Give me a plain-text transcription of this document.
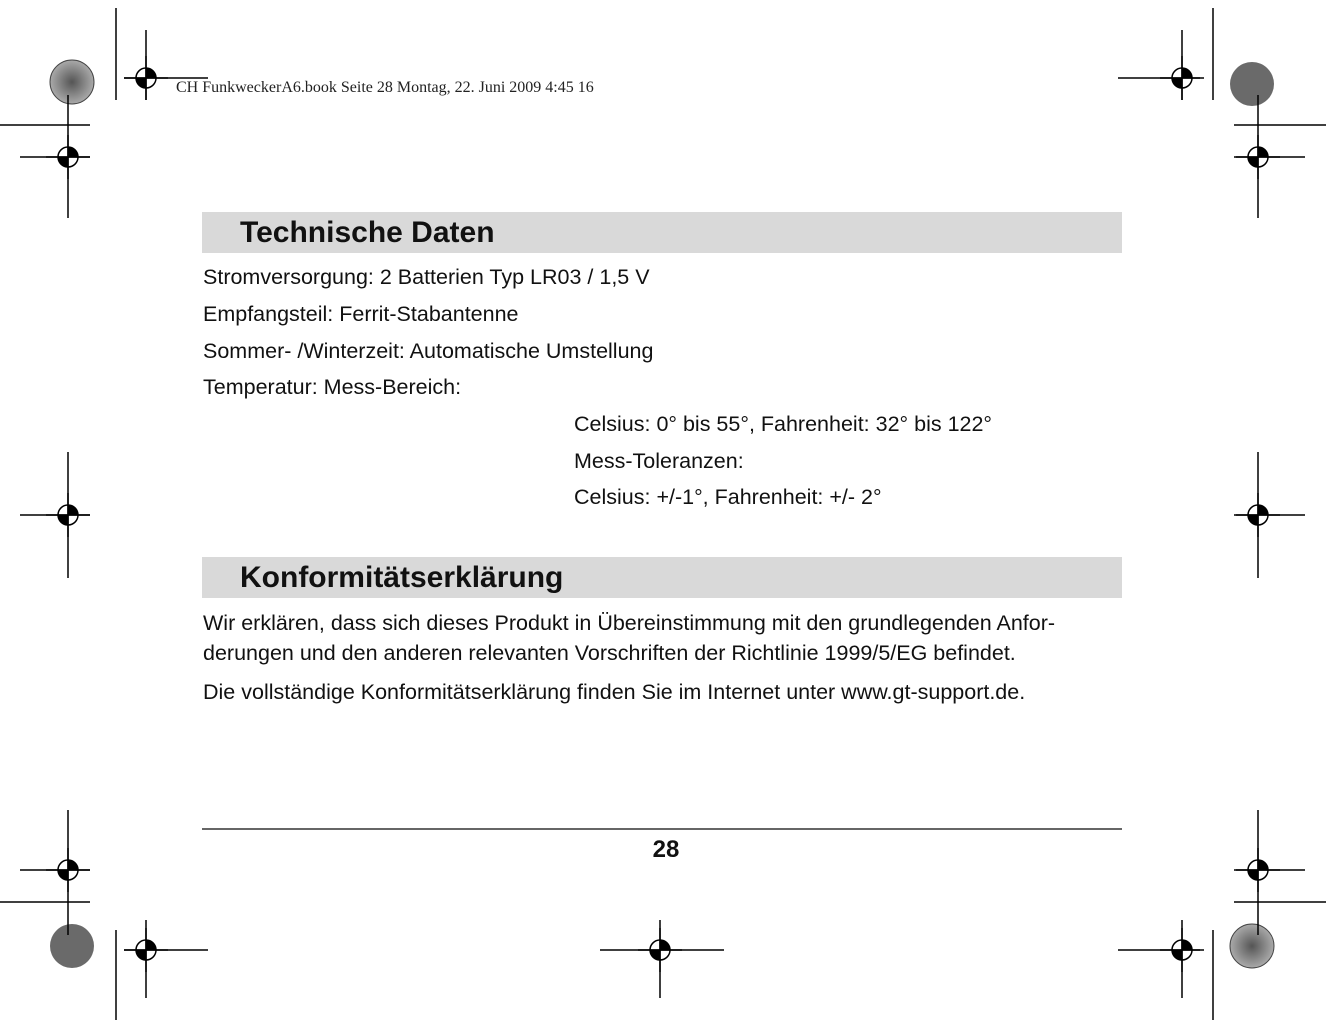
CH FunkweckerA6.book Seite 28 Montag, 22. Juni 2009 4:45 16
Technische Daten
Stromversorgung: 2 Batterien Typ LR03 / 1,5 V
Empfangsteil: Ferrit-Stabantenne
Sommer- /Winterzeit: Automatische Umstellung
Temperatur: Mess-Bereich:
Celsius: 0° bis 55°, Fahrenheit: 32° bis 122°
Mess-Toleranzen:
Celsius: +/-1°, Fahrenheit: +/- 2°
Konformitätserklärung
Wir erklären, dass sich dieses Produkt in Übereinstimmung mit den grundlegenden Anfor-
derungen und den anderen relevanten Vorschriften der Richtlinie 1999/5/EG befindet.
Die vollständige Konformitätserklärung finden Sie im Internet unter www.gt-support.de.
28
